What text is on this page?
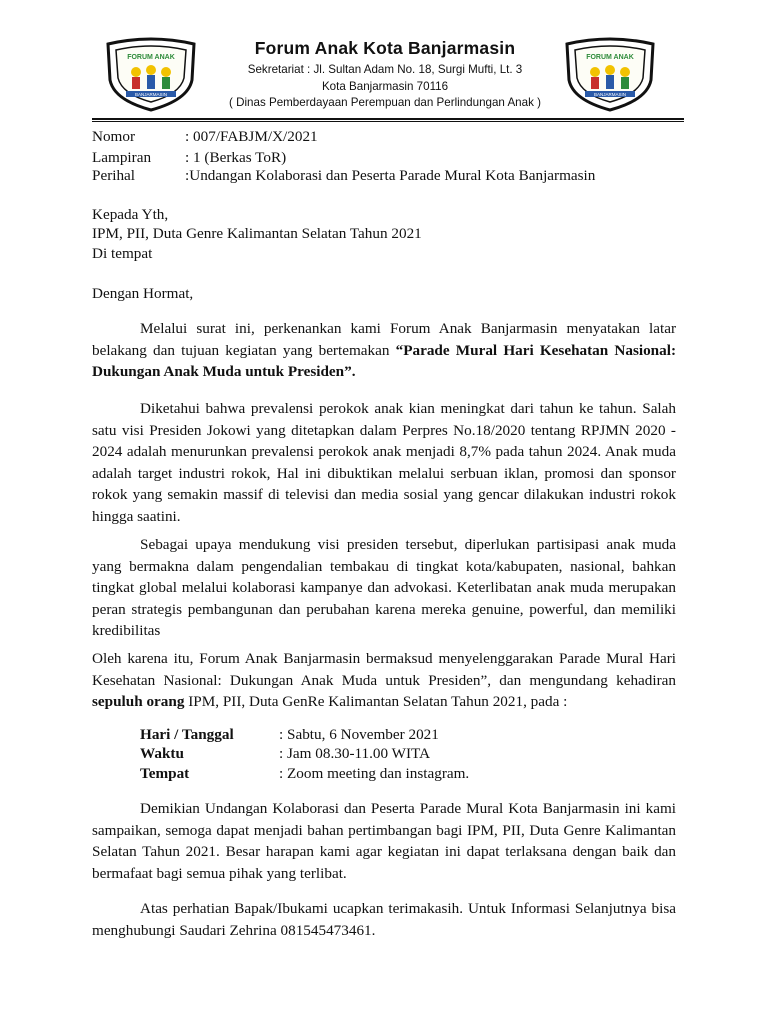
FORUM ANAK
BANJARMASIN
Forum Anak Kota Banjarmasin
Sekretariat : Jl. Sultan Adam No. 18, Surgi Mufti, Lt. 3
Kota Banjarmasin 70116
( Dinas Pemberdayaan Perempuan dan Perlindungan Anak )
FORUM ANAK
BANJARMASIN
Nomor	: 007/FABJM/X/2021
Lampiran : 1 (Berkas ToR)
Perihal	:Undangan Kolaborasi dan Peserta Parade Mural Kota Banjarmasin
Kepada Yth,
IPM, PII, Duta Genre Kalimantan Selatan Tahun 2021
Di tempat
Dengan Hormat,
Melalui surat ini, perkenankan kami Forum Anak Banjarmasin menyatakan latar belakang dan tujuan kegiatan yang bertemakan “Parade Mural Hari Kesehatan Nasional: Dukungan Anak Muda untuk Presiden”.
Diketahui bahwa prevalensi perokok anak kian meningkat dari tahun ke tahun. Salah satu visi Presiden Jokowi yang ditetapkan dalam Perpres No.18/2020 tentang RPJMN 2020 - 2024 adalah menurunkan prevalensi perokok anak menjadi 8,7% pada tahun 2024. Anak muda adalah target industri rokok, Hal ini dibuktikan melalui serbuan iklan, promosi dan sponsor rokok yang semakin massif di televisi dan media sosial yang gencar dilakukan industri rokok hingga saatini.
Sebagai upaya mendukung visi presiden tersebut, diperlukan partisipasi anak muda yang bermakna dalam pengendalian tembakau di tingkat kota/kabupaten, nasional, bahkan tingkat global melalui kolaborasi kampanye dan advokasi. Keterlibatan anak muda merupakan peran strategis pembangunan dan perubahan karena mereka genuine, powerful, dan memiliki kredibilitas
Oleh karena itu, Forum Anak Banjarmasin bermaksud menyelenggarakan Parade Mural Hari Kesehatan Nasional: Dukungan Anak Muda untuk Presiden”, dan mengundang kehadiran sepuluh orang IPM, PII, Duta GenRe Kalimantan Selatan Tahun 2021, pada :
Hari / Tanggal	: Sabtu, 6 November 2021
Waktu	: Jam 08.30-11.00 WITA
Tempat	: Zoom meeting dan instagram.
Demikian Undangan Kolaborasi dan Peserta Parade Mural Kota Banjarmasin ini kami sampaikan, semoga dapat menjadi bahan pertimbangan bagi IPM, PII, Duta Genre Kalimantan Selatan Tahun 2021. Besar harapan kami agar kegiatan ini dapat terlaksana dengan baik dan bermafaat bagi semua pihak yang terlibat.
Atas perhatian Bapak/Ibukami ucapkan terimakasih. Untuk Informasi Selanjutnya bisa menghubungi Saudari Zehrina 081545473461.
